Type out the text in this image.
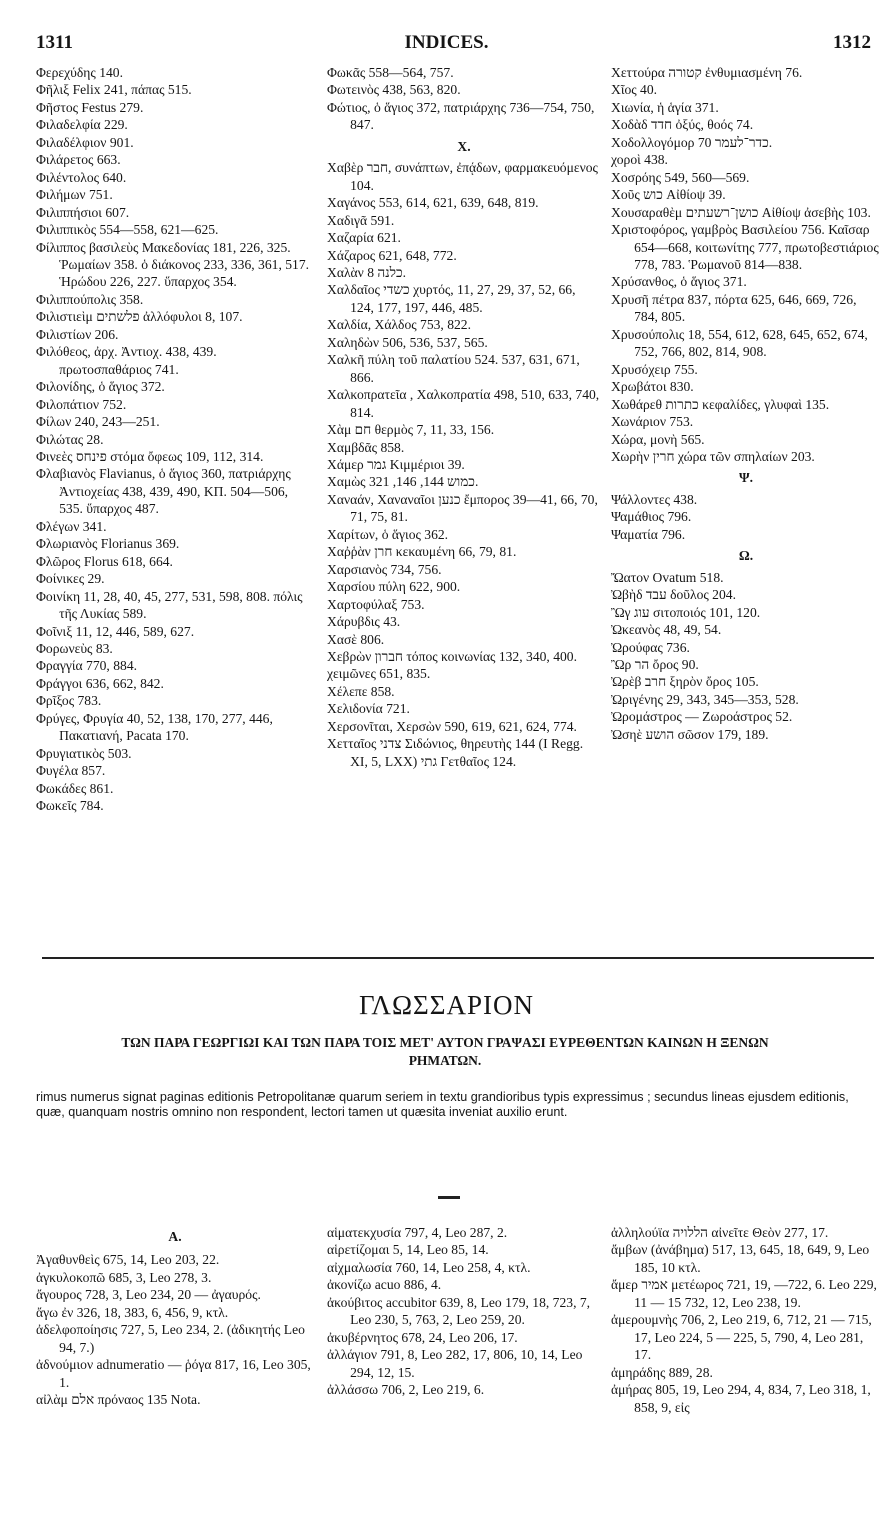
1311	INDICES.	1312

Φερεχύδης 140.

Φῆλιξ Felix 241, πάπας 515.

Φῆστος Festus 279.

Φιλαδελφία 229.

Φιλαδέλφιον 901.

Φιλάρετος 663.

Φιλέντολος 640.

Φιλήμων 751.

Φιλιππήσιοι 607.

Φιλιππικὸς 554—558, 621—625.

Φίλιππος βασιλεὺς Μακεδονίας 181, 226, 325. Ῥωμαίων 358. ὁ διάκονος 233, 336, 361, 517. Ἡρώδου 226, 227. ὕπαρχος 354.

Φιλιππούπολις 358.

Φιλιστιεὶμ פלשתים ἀλλόφυλοι 8, 107.

Φιλιστίων 206.

Φιλόθεος, ἀρχ. Ἀντιοχ. 438, 439. πρωτοσπαθάριος 741.

Φιλονίδης, ὁ ἅγιος 372.

Φιλοπάτιον 752.

Φίλων 240, 243—251.

Φιλώτας 28.

Φινεὲς פינחס στόμα ὄφεως 109, 112, 314.

Φλαβιανὸς Flavianus, ὁ ἅγιος 360, πατριάρχης Ἀντιοχείας 438, 439, 490, ΚΠ. 504—506, 535. ὕπαρχος 487.

Φλέγων 341.

Φλωριανὸς Florianus 369.

Φλῶρος Florus 618, 664.

Φοίνικες 29.

Φοινίκη 11, 28, 40, 45, 277, 531, 598, 808. πόλις τῆς Λυκίας 589.

Φοῖνιξ 11, 12, 446, 589, 627.

Φορωνεὺς 83.

Φραγγία 770, 884.

Φράγγοι 636, 662, 842.

Φρῖξος 783.

Φρύγες, Φρυγία 40, 52, 138, 170, 277, 446, Πακατιανή, Pacata 170.

Φρυγιατικὸς 503.

Φυγέλα 857.

Φωκάδες 861.

Φωκεῖς 784.

Φωκᾶς 558—564, 757.

Φωτεινὸς 438, 563, 820.

Φώτιος, ὁ ἅγιος 372, πατριάρχης 736—754, 750, 847.

Χ.

Χαβὲρ חבר, συνάπτων, ἐπᾴδων, φαρμακευόμενος 104.

Χαγάνος 553, 614, 621, 639, 648, 819.

Χαδιγᾶ 591.

Χαζαρία 621.

Χάζαρος 621, 648, 772.

Χαλὰν כלנה 8.

Χαλδαῖος כשדי χυρτός, 11, 27, 29, 37, 52, 66, 124, 177, 197, 446, 485.

Χαλδία, Χάλδος 753, 822.

Χαληδὼν 506, 536, 537, 565.

Χαλκῆ πύλη τοῦ παλατίου 524. 537, 631, 671, 866.

Χαλκοπρατεῖα , Χαλκοπρατία 498, 510, 633, 740, 814.

Χὰμ חם θερμὸς 7, 11, 33, 156.

Χαμβδᾶς 858.

Χάμερ גמר Κιμμέριοι 39.

Χαμὼς כמוש 144, 146, 321.

Χαναάν, Χαναναῖοι כנען ἔμπορος 39—41, 66, 70, 71, 75, 81.

Χαρίτων, ὁ ἅγιος 362.

Χαῤῥὰν חרן κεκαυμένη 66, 79, 81.

Χαρσιανὸς 734, 756.

Χαρσίου πύλη 622, 900.

Χαρτοφύλαξ 753.

Χάρυβδις 43.

Χασὲ 806.

Χεβρὼν חברון τόπος κοινωνίας 132, 340, 400.

χειμῶνες 651, 835.

Χέλεπε 858.

Χελιδονία 721.

Χερσονῖται, Χερσὼν 590, 619, 621, 624, 774.

Χετταῖος צדני Σιδώνιος, θηρευτὴς 144 (I Regg. XI, 5, LXX) גתי Γετθαῖος 124.

Χεττούρα קטורה ἐνθυμιασμένη 76.

Χῖος 40.

Χιωνία, ἡ ἁγία 371.

Χοδὰδ חדד ὀξύς, θοός 74.

Χοδολλογόμορ כדר־לעמר 70.

χοροὶ 438.

Χοσρόης 549, 560—569.

Χοῦς כוש Αἰθίοψ 39.

Χουσαραθὲμ כושן־רשעתים Αἰθίοψ ἀσεβὴς 103.

Χριστοφόρος, γαμβρὸς Βασιλείου 756. Καῖσαρ 654—668, κοιτωνίτης 777, πρωτοβεστιάριος 778, 783. Ῥωμανοῦ 814—838.

Χρύσανθος, ὁ ἅγιος 371.

Χρυσῆ πέτρα 837, πόρτα 625, 646, 669, 726, 784, 805.

Χρυσούπολις 18, 554, 612, 628, 645, 652, 674, 752, 766, 802, 814, 908.

Χρυσόχειρ 755.

Χρωβάτοι 830.

Χωθάρεθ כתרות κεφαλίδες, γλυφαὶ 135.

Χωνάριον 753.

Χώρα, μονὴ 565.

Χωρὴν חרין χώρα τῶν σπηλαίων 203.

Ψ.

Ψάλλοντες 438.

Ψαμάθιος 796.

Ψαματία 796.

Ω.

Ὤατον Ovatum 518.

Ὠβὴδ עבד δοῦλος 204.

Ὢγ עוג σιτοποιός 101, 120.

Ὠκεανὸς 48, 49, 54.

Ὠρούφας 736.

Ὢρ הר ὄρος 90.

Ὠρὲβ חרב ξηρὸν ὄρος 105.

Ὠριγένης 29, 343, 345—353, 528.

Ὠρομάστρος — Ζωροάστρος 52.

Ὠσηὲ הושע σῶσον 179, 189.

ΓΛΩΣΣΑΡΙΟΝ
ΤΩΝ ΠΑΡΑ ΓΕΩΡΓΙΩΙ ΚΑΙ ΤΩΝ ΠΑΡΑ ΤΟΙΣ ΜΕΤ' ΑΥΤΟΝ ΓΡΑΨΑΣΙ ΕΥΡΕΘΕΝΤΩΝ ΚΑΙΝΩΝ Η ΞΕΝΩΝ ΡΗΜΑΤΩΝ.
rimus numerus signat paginas editionis Petropolitanæ quarum seriem in textu grandioribus typis expressimus ; secundus lineas ejusdem editionis, quæ, quanquam nostris omnino non respondent, lectori tamen ut quæsita inveniat auxilio erunt.

A.

Ἀγαθυνθεὶς 675, 14, Leo 203, 22.

ἀγκυλοκοπῶ 685, 3, Leo 278, 3.

ἄγουρος 728, 3, Leo 234, 20 — ἀγαυρός.

ἄγω ἐν 326, 18, 383, 6, 456, 9, κτλ.

ἀδελφοποίησις 727, 5, Leo 234, 2. (ἀδικητής Leo 94, 7.)

ἀδνούμιον adnumeratio — ῥόγα 817, 16, Leo 305, 1.

αἰλὰμ אלם πρόναος 135 Nota.

αἱματεκχυσία 797, 4, Leo 287, 2.

αἱρετίζομαι 5, 14, Leo 85, 14.

αἰχμαλωσία 760, 14, Leo 258, 4, κτλ.

ἀκονίζω acuo 886, 4.

ἀκούβιτος accubitor 639, 8, Leo 179, 18, 723, 7, Leo 230, 5, 763, 2, Leo 259, 20.

ἀκυβέρνητος 678, 24, Leo 206, 17.

ἀλλάγιον 791, 8, Leo 282, 17, 806, 10, 14, Leo 294, 12, 15.

ἀλλάσσω 706, 2, Leo 219, 6.

ἀλληλούϊα הללויה αἰνεῖτε Θεὸν 277, 17.

ἄμβων (ἀνάβημα) 517, 13, 645, 18, 649, 9, Leo 185, 10 κτλ.

ἄμερ אמיר μετέωρος 721, 19, —722, 6. Leo 229, 11 — 15 732, 12, Leo 238, 19.

ἀμερουμνὴς 706, 2, Leo 219, 6, 712, 21 — 715, 17, Leo 224, 5 — 225, 5, 790, 4, Leo 281, 17.

ἀμηράδης 889, 28.

ἀμήρας 805, 19, Leo 294, 4, 834, 7, Leo 318, 1, 858, 9, εἰς
